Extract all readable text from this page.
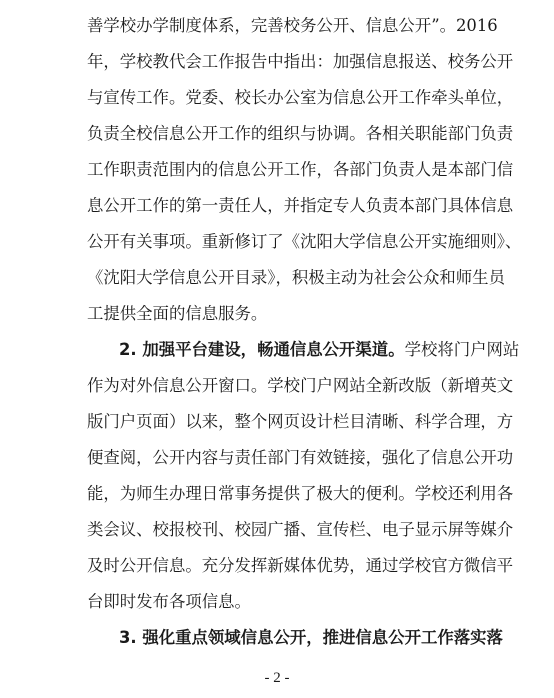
善学校办学制度体系，完善校务公开、信息公开”。2016
年，学校教代会工作报告中指出：加强信息报送、校务公开
与宣传工作。党委、校长办公室为信息公开工作牵头单位，
负责全校信息公开工作的组织与协调。各相关职能部门负责
工作职责范围内的信息公开工作，各部门负责人是本部门信
息公开工作的第一责任人，并指定专人负责本部门具体信息
公开有关事项。重新修订了《沈阳大学信息公开实施细则》、
《沈阳大学信息公开目录》，积极主动为社会公众和师生员
工提供全面的信息服务。
2. 加强平台建设，畅通信息公开渠道。学校将门户网站
作为对外信息公开窗口。学校门户网站全新改版（新增英文
版门户页面）以来，整个网页设计栏目清晰、科学合理，方
便查阅，公开内容与责任部门有效链接，强化了信息公开功
能，为师生办理日常事务提供了极大的便利。学校还利用各
类会议、校报校刊、校园广播、宣传栏、电子显示屏等媒介
及时公开信息。充分发挥新媒体优势，通过学校官方微信平
台即时发布各项信息。
3. 强化重点领域信息公开，推进信息公开工作落实落
- 2 -
